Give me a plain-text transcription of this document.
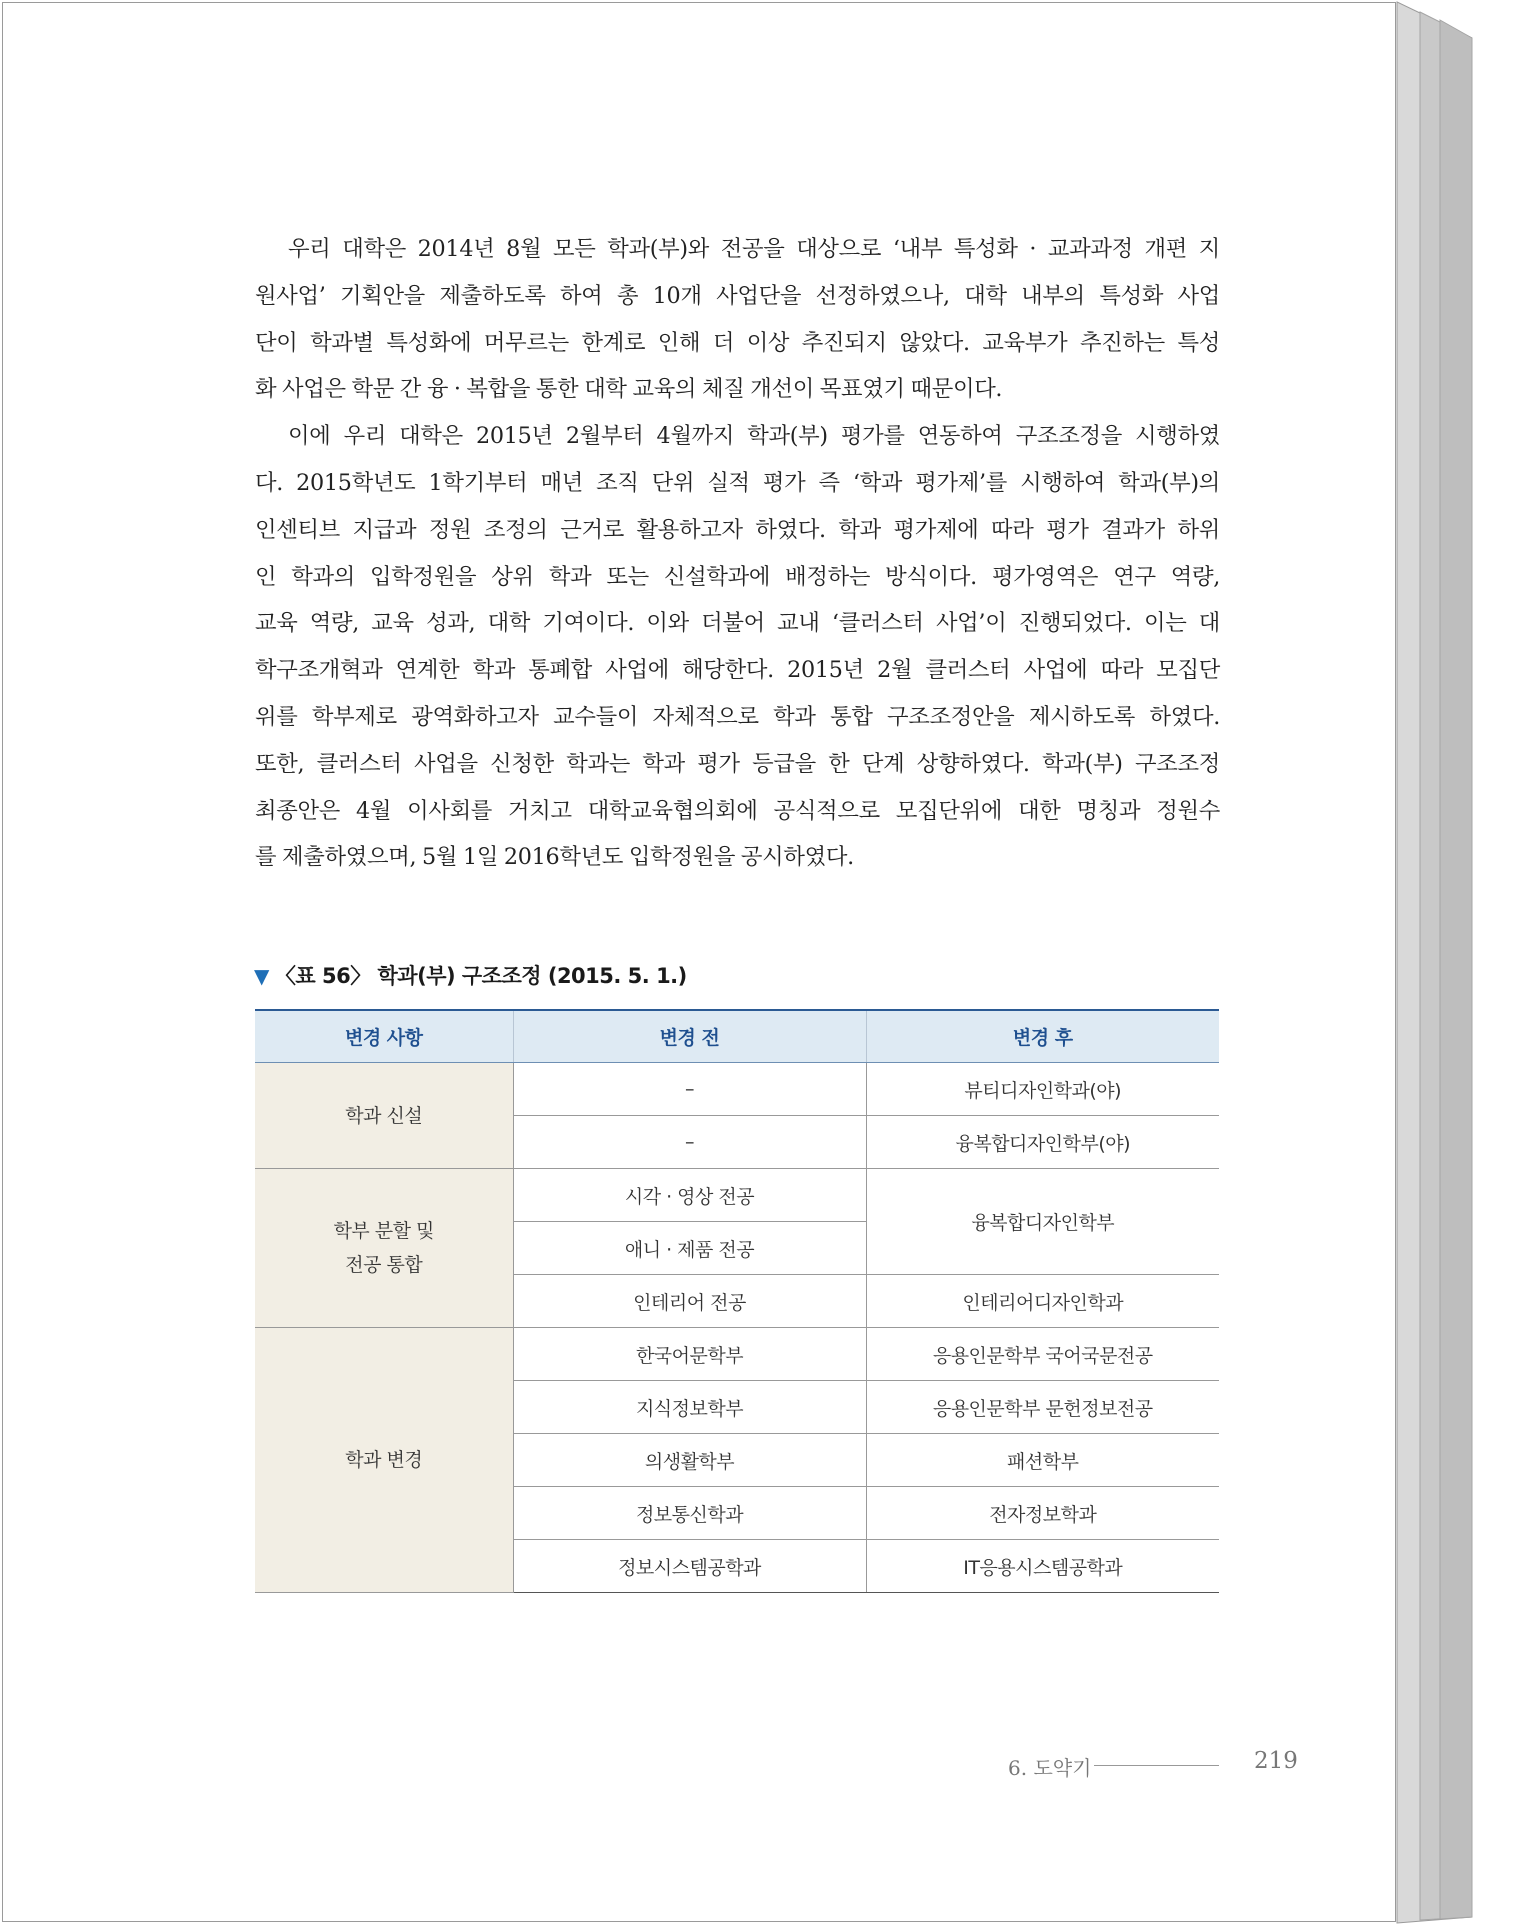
우리 대학은 2014년 8월 모든 학과(부)와 전공을 대상으로 ‘내부 특성화 · 교과과정 개편 지
원사업’ 기획안을 제출하도록 하여 총 10개 사업단을 선정하였으나, 대학 내부의 특성화 사업
단이 학과별 특성화에 머무르는 한계로 인해 더 이상 추진되지 않았다. 교육부가 추진하는 특성
화 사업은 학문 간 융 · 복합을 통한 대학 교육의 체질 개선이 목표였기 때문이다.
이에 우리 대학은 2015년 2월부터 4월까지 학과(부) 평가를 연동하여 구조조정을 시행하였
다. 2015학년도 1학기부터 매년 조직 단위 실적 평가 즉 ‘학과 평가제’를 시행하여 학과(부)의
인센티브 지급과 정원 조정의 근거로 활용하고자 하였다. 학과 평가제에 따라 평가 결과가 하위
인 학과의 입학정원을 상위 학과 또는 신설학과에 배정하는 방식이다. 평가영역은 연구 역량,
교육 역량, 교육 성과, 대학 기여이다. 이와 더불어 교내 ‘클러스터 사업’이 진행되었다. 이는 대
학구조개혁과 연계한 학과 통폐합 사업에 해당한다. 2015년 2월 클러스터 사업에 따라 모집단
위를 학부제로 광역화하고자 교수들이 자체적으로 학과 통합 구조조정안을 제시하도록 하였다.
또한, 클러스터 사업을 신청한 학과는 학과 평가 등급을 한 단계 상향하였다. 학과(부) 구조조정
최종안은 4월 이사회를 거치고 대학교육협의회에 공식적으로 모집단위에 대한 명칭과 정원수
를 제출하였으며, 5월 1일 2016학년도 입학정원을 공시하였다.
▼ 〈표 56〉 학과(부) 구조조정 (2015. 5. 1.)
변경 사항	변경 전	변경 후
학과 신설	–	뷰티디자인학과(야)
	–	융복합디자인학부(야)
학부 분할 및
전공 통합	시각 · 영상 전공	융복합디자인학부
	애니 · 제품 전공	
	인테리어 전공	인테리어디자인학과
학과 변경	한국어문학부	응용인문학부 국어국문전공
	지식정보학부	응용인문학부 문헌정보전공
	의생활학부	패션학부
	정보통신학과	전자정보학과
	정보시스템공학과	IT응용시스템공학과
6. 도약기	219
